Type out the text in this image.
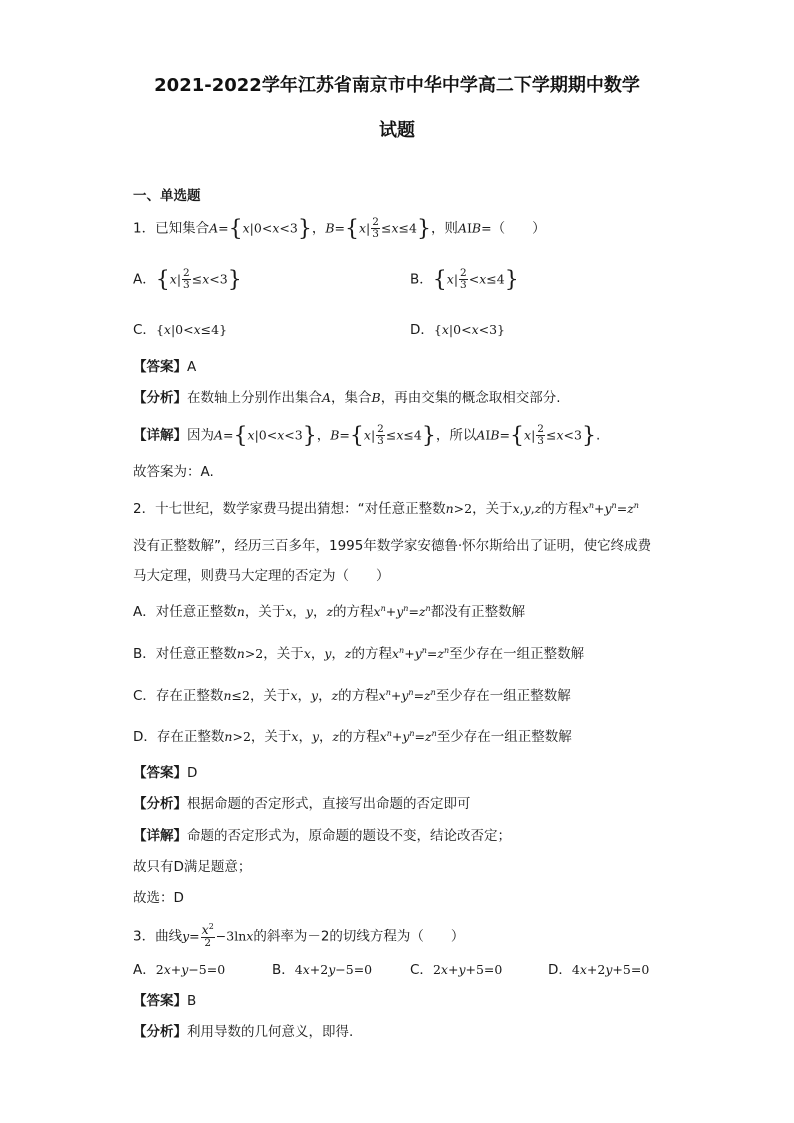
2021-2022学年江苏省南京市中华中学高二下学期期中数学
试题
一、单选题
1．已知集合A={x|0<x<3}，$B=\{x| \frac{2}{3} \le x\le 4\}$，则AIB=（　　）
A．$\{x| \frac{2}{3} \le x<3\}$	B．$\{x| \frac{2}{3} <x\le 4\}$
C．{x|0<x≤4}	D．{x|0<x<3}
【答案】A
【分析】在数轴上分别作出集合A，集合B，再由交集的概念取相交部分.
【详解】因为A={x|0<x<3}，$B=\{x| \frac{2}{3} \le x\le 4\}$，所以$AIB=\{x| \frac{2}{3} \le x<3\}$.
故答案为：A.
2．十七世纪，数学家费马提出猜想：“对任意正整数n>2，关于x,y,z的方程$x^n+y^n=z^n$
没有正整数解”，经历三百多年，1995年数学家安德鲁·怀尔斯给出了证明，使它终成费
马大定理，则费马大定理的否定为（　　）
A．对任意正整数n，关于x，y，z的方程$x^n+y^n=z^n$都没有正整数解
B．对任意正整数n>2，关于x，y，z的方程$x^n+y^n=z^n$至少存在一组正整数解
C．存在正整数n≤2，关于x，y，z的方程$x^n+y^n=z^n$至少存在一组正整数解
D．存在正整数n>2，关于x，y，z的方程$x^n+y^n=z^n$至少存在一组正整数解
【答案】D
【分析】根据命题的否定形式，直接写出命题的否定即可
【详解】命题的否定形式为，原命题的题设不变，结论改否定；
故只有D满足题意；
故选：D
3．曲线$y= \frac{x^2}{2} -3\ln x$的斜率为－2的切线方程为（　　）
A．2x+y−5=0	B．4x+2y−5=0	C．2x+y+5=0	D．4x+2y+5=0
【答案】B
【分析】利用导数的几何意义，即得.
